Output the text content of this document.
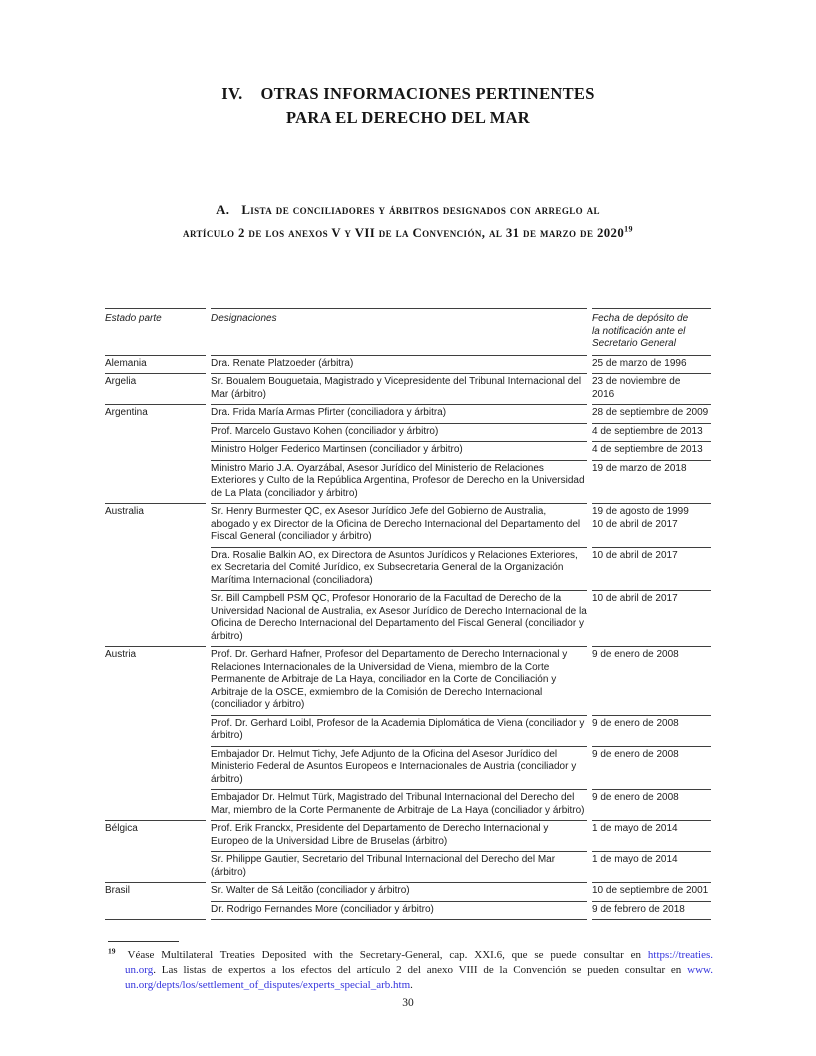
IV. OTRAS INFORMACIONES PERTINENTES
PARA EL DERECHO DEL MAR
A. Lista de conciliadores y árbitros designados con arreglo al
artículo 2 de los anexos V y VII de la Convención, al 31 de marzo de 2020$^{19}$
Estado parte	Designaciones	Fecha de depósito de
la notificación ante el
Secretario General

Alemania	Dra. Renate Platzoeder (árbitra)	25 de marzo de 1996

Argelia	Sr. Boualem Bouguetaia, Magistrado y Vicepresidente del Tribunal Internacional del Mar (árbitro)	23 de noviembre de
2016

Argentina	Dra. Frida María Armas Pfirter (conciliadora y árbitra)	28 de septiembre de 2009

	Prof. Marcelo Gustavo Kohen (conciliador y árbitro)	4 de septiembre de 2013

	Ministro Holger Federico Martinsen (conciliador y árbitro)	4 de septiembre de 2013

	Ministro Mario J.A. Oyarzábal, Asesor Jurídico del Ministerio de Relaciones Exteriores y Culto de la República Argentina, Profesor de Derecho en la Universidad de La Plata (conciliador y árbitro)	19 de marzo de 2018

Australia	Sr. Henry Burmester QC, ex Asesor Jurídico Jefe del Gobierno de Australia, abogado y ex Director de la Oficina de Derecho Internacional del Departamento del Fiscal General (conciliador y árbitro)	19 de agosto de 1999
10 de abril de 2017

	Dra. Rosalie Balkin AO, ex Directora de Asuntos Jurídicos y Relaciones Exteriores, ex Secretaria del Comité Jurídico, ex Subsecretaria General de la Organización Marítima Internacional (conciliadora)	10 de abril de 2017

	Sr. Bill Campbell PSM QC, Profesor Honorario de la Facultad de Derecho de la Universidad Nacional de Australia, ex Asesor Jurídico de Derecho Internacional de la Oficina de Derecho Internacional del Departamento del Fiscal General (conciliador y árbitro)	10 de abril de 2017

Austria	Prof. Dr. Gerhard Hafner, Profesor del Departamento de Derecho Internacional y Relaciones Internacionales de la Universidad de Viena, miembro de la Corte Permanente de Arbitraje de La Haya, conciliador en la Corte de Conciliación y Arbitraje de la OSCE, exmiembro de la Comisión de Derecho Internacional (conciliador y árbitro)	9 de enero de 2008

	Prof. Dr. Gerhard Loibl, Profesor de la Academia Diplomática de Viena (conciliador y árbitro)	9 de enero de 2008

	Embajador Dr. Helmut Tichy, Jefe Adjunto de la Oficina del Asesor Jurídico del Ministerio Federal de Asuntos Europeos e Internacionales de Austria (conciliador y árbitro)	9 de enero de 2008

	Embajador Dr. Helmut Türk, Magistrado del Tribunal Internacional del Derecho del Mar, miembro de la Corte Permanente de Arbitraje de La Haya (conciliador y árbitro)	9 de enero de 2008

Bélgica	Prof. Erik Franckx, Presidente del Departamento de Derecho Internacional y Europeo de la Universidad Libre de Bruselas (árbitro)	1 de mayo de 2014

	Sr. Philippe Gautier, Secretario del Tribunal Internacional del Derecho del Mar (árbitro)	1 de mayo de 2014

Brasil	Sr. Walter de Sá Leitão (conciliador y árbitro)	10 de septiembre de 2001

	Dr. Rodrigo Fernandes More (conciliador y árbitro)	9 de febrero de 2018
$^{19}$ Véase Multilateral Treaties Deposited with the Secretary-General, cap. XXI.6, que se puede consultar en https://treaties.
un.org. Las listas de expertos a los efectos del artículo 2 del anexo VIII de la Convención se pueden consultar en www.
un.org/depts/los/settlement_of_disputes/experts_special_arb.htm.
30
